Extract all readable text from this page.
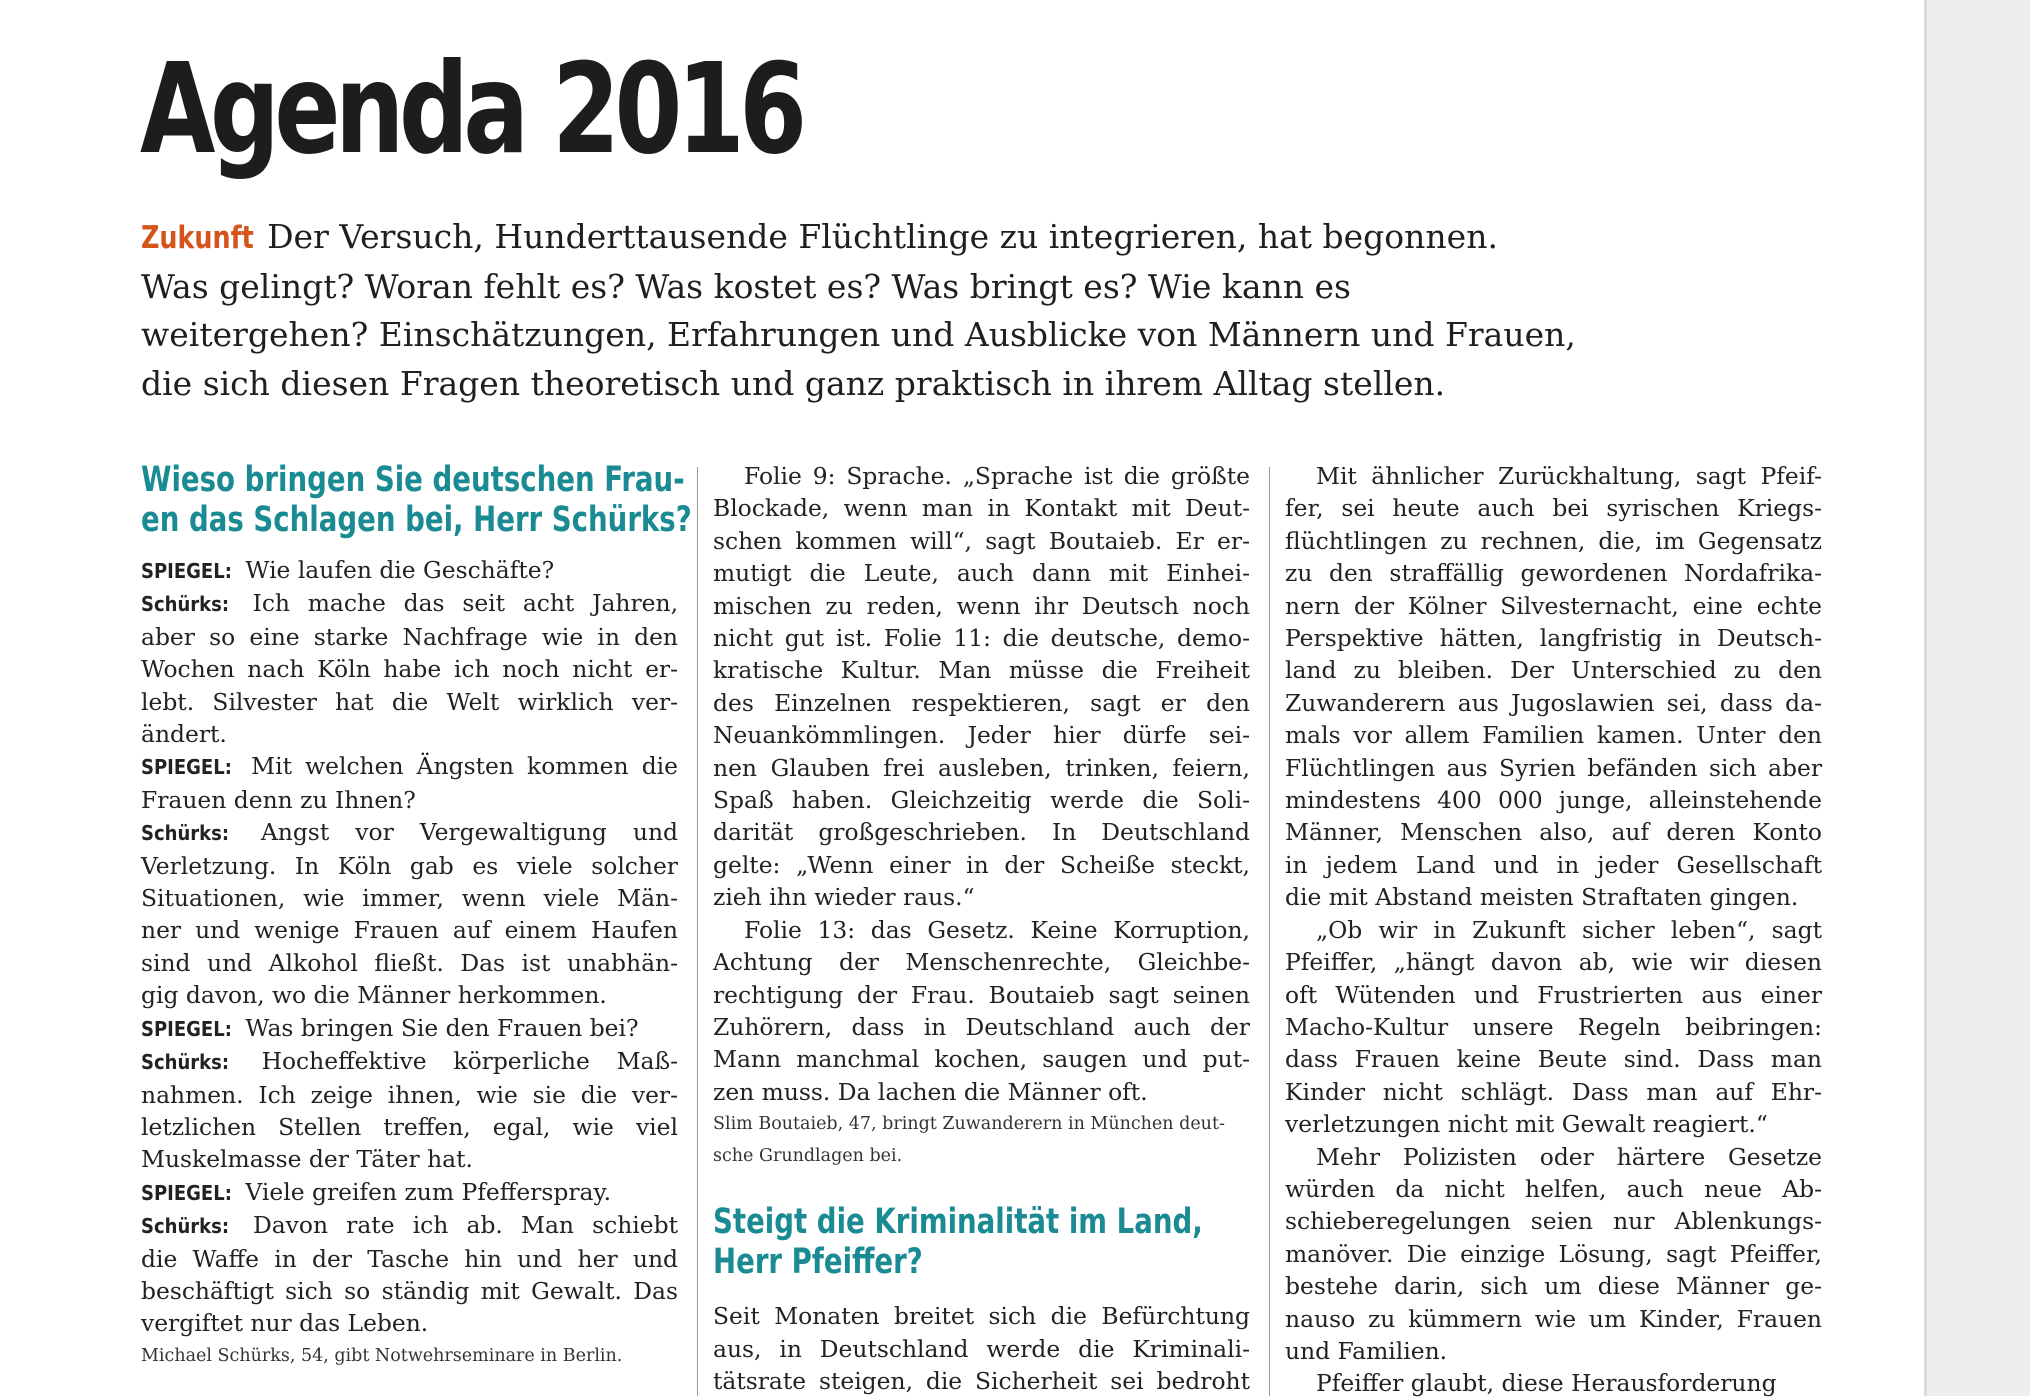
Agenda 2016
Zukunft Der Versuch, Hunderttausende Flüchtlinge zu integrieren, hat begonnen.
Was gelingt? Woran fehlt es? Was kostet es? Was bringt es? Wie kann es
weitergehen? Einschätzungen, Erfahrungen und Ausblicke von Männern und Frauen,
die sich diesen Fragen theoretisch und ganz praktisch in ihrem Alltag stellen.
Wieso bringen Sie deutschen Frau-
en das Schlagen bei, Herr Schürks?
SPIEGEL: Wie laufen die Geschäfte?
Schürks: Ich mache das seit acht Jahren,
aber so eine starke Nachfrage wie in den
Wochen nach Köln habe ich noch nicht er-
lebt. Silvester hat die Welt wirklich ver-
ändert.
SPIEGEL: Mit welchen Ängsten kommen die
Frauen denn zu Ihnen?
Schürks: Angst vor Vergewaltigung und
Verletzung. In Köln gab es viele solcher
Situationen, wie immer, wenn viele Män-
ner und wenige Frauen auf einem Haufen
sind und Alkohol fließt. Das ist unabhän-
gig davon, wo die Männer herkommen.
SPIEGEL: Was bringen Sie den Frauen bei?
Schürks: Hocheffektive körperliche Maß-
nahmen. Ich zeige ihnen, wie sie die ver-
letzlichen Stellen treffen, egal, wie viel
Muskelmasse der Täter hat.
SPIEGEL: Viele greifen zum Pfefferspray.
Schürks: Davon rate ich ab. Man schiebt
die Waffe in der Tasche hin und her und
beschäftigt sich so ständig mit Gewalt. Das
vergiftet nur das Leben.
Michael Schürks, 54, gibt Notwehrseminare in Berlin.
Folie 9: Sprache. „Sprache ist die größte
Blockade, wenn man in Kontakt mit Deut-
schen kommen will“, sagt Boutaieb. Er er-
mutigt die Leute, auch dann mit Einhei-
mischen zu reden, wenn ihr Deutsch noch
nicht gut ist. Folie 11: die deutsche, demo-
kratische Kultur. Man müsse die Freiheit
des Einzelnen respektieren, sagt er den
Neuankömmlingen. Jeder hier dürfe sei-
nen Glauben frei ausleben, trinken, feiern,
Spaß haben. Gleichzeitig werde die Soli-
darität großgeschrieben. In Deutschland
gelte: „Wenn einer in der Scheiße steckt,
zieh ihn wieder raus.“
Folie 13: das Gesetz. Keine Korruption,
Achtung der Menschenrechte, Gleichbe-
rechtigung der Frau. Boutaieb sagt seinen
Zuhörern, dass in Deutschland auch der
Mann manchmal kochen, saugen und put-
zen muss. Da lachen die Männer oft.
Slim Boutaieb, 47, bringt Zuwanderern in München deut-
sche Grundlagen bei.
Steigt die Kriminalität im Land,
Herr Pfeiffer?
Seit Monaten breitet sich die Befürchtung
aus, in Deutschland werde die Kriminali-
tätsrate steigen, die Sicherheit sei bedroht
Mit ähnlicher Zurückhaltung, sagt Pfeif-
fer, sei heute auch bei syrischen Kriegs-
flüchtlingen zu rechnen, die, im Gegensatz
zu den straffällig gewordenen Nordafrika-
nern der Kölner Silvesternacht, eine echte
Perspektive hätten, langfristig in Deutsch-
land zu bleiben. Der Unterschied zu den
Zuwanderern aus Jugoslawien sei, dass da-
mals vor allem Familien kamen. Unter den
Flüchtlingen aus Syrien befänden sich aber
mindestens 400 000 junge, alleinstehende
Männer, Menschen also, auf deren Konto
in jedem Land und in jeder Gesellschaft
die mit Abstand meisten Straftaten gingen.
„Ob wir in Zukunft sicher leben“, sagt
Pfeiffer, „hängt davon ab, wie wir diesen
oft Wütenden und Frustrierten aus einer
Macho-Kultur unsere Regeln beibringen:
dass Frauen keine Beute sind. Dass man
Kinder nicht schlägt. Dass man auf Ehr-
verletzungen nicht mit Gewalt reagiert.“
Mehr Polizisten oder härtere Gesetze
würden da nicht helfen, auch neue Ab-
schieberegelungen seien nur Ablenkungs-
manöver. Die einzige Lösung, sagt Pfeiffer,
bestehe darin, sich um diese Männer ge-
nauso zu kümmern wie um Kinder, Frauen
und Familien.
Pfeiffer glaubt, diese Herausforderung
